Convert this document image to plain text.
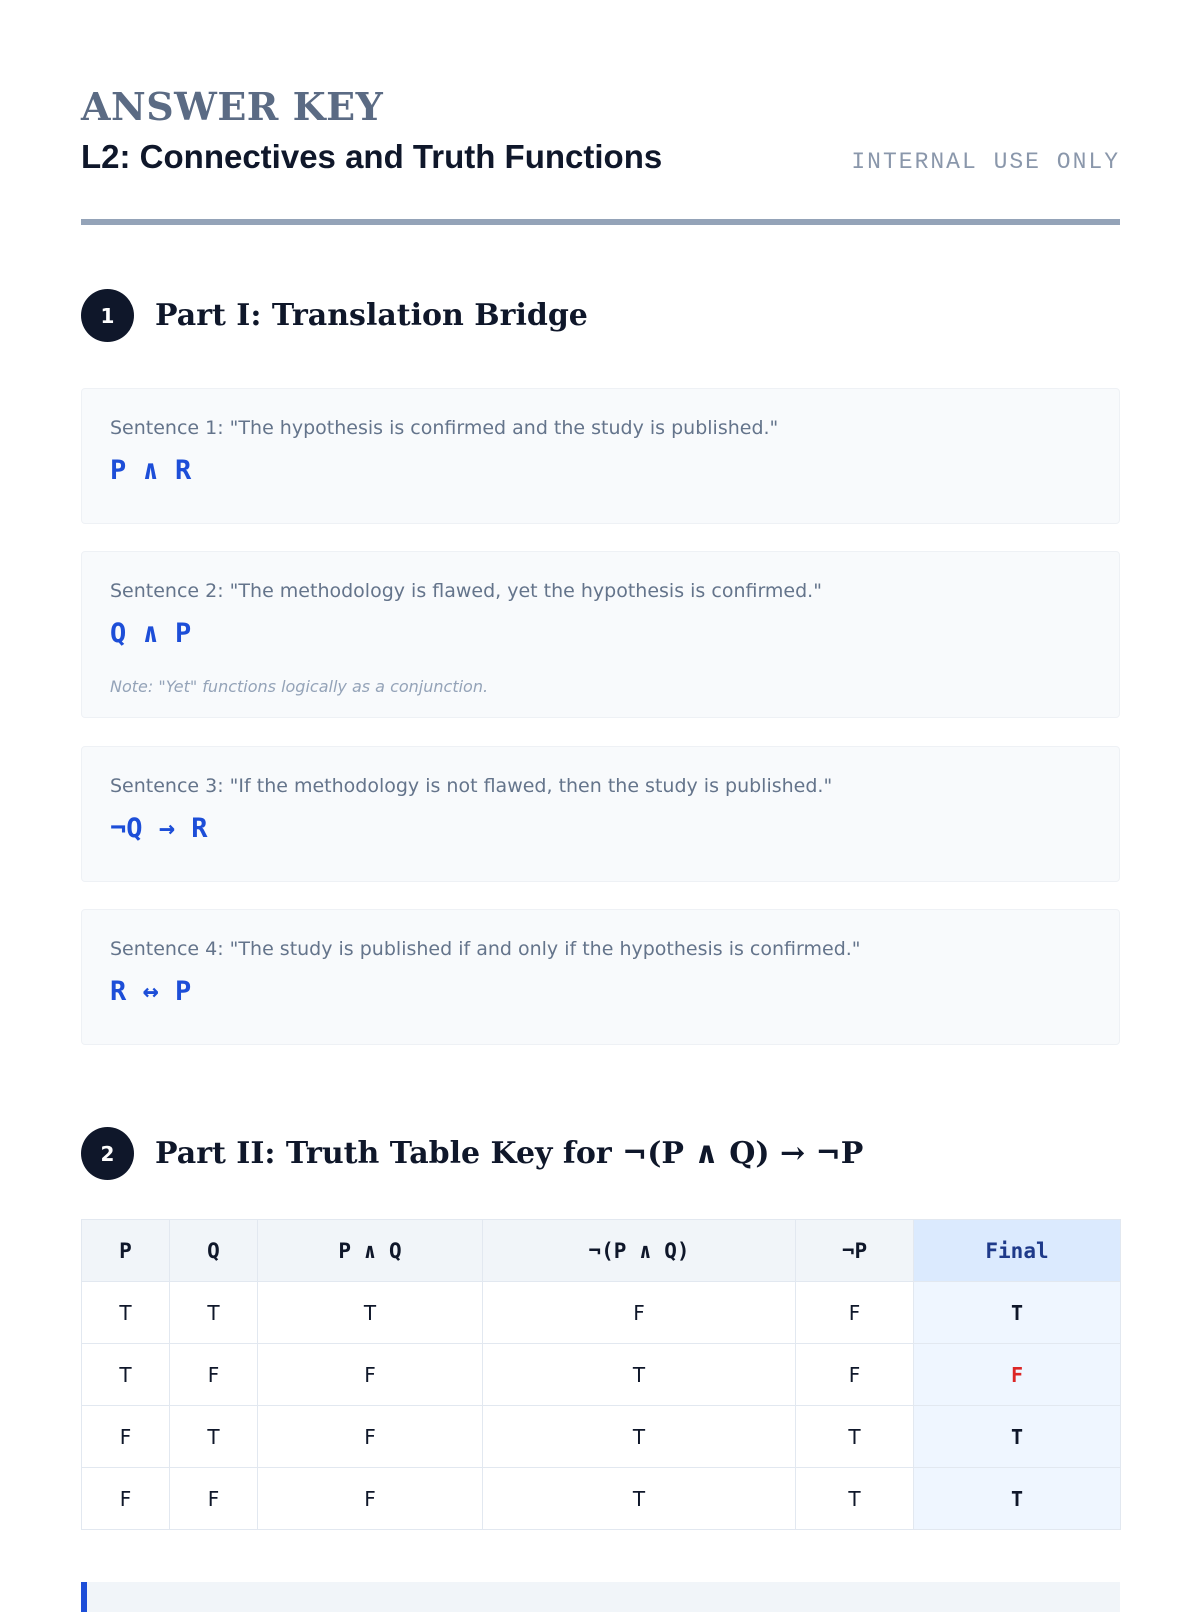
ANSWER KEY
L2: Connectives and Truth Functions	INTERNAL USE ONLY
1	Part I: Translation Bridge
Sentence 1: "The hypothesis is confirmed and the study is published."
P ∧ R
Sentence 2: "The methodology is flawed, yet the hypothesis is confirmed."
Q ∧ P
Note: "Yet" functions logically as a conjunction.
Sentence 3: "If the methodology is not flawed, then the study is published."
¬Q → R
Sentence 4: "The study is published if and only if the hypothesis is confirmed."
R ↔ P
2	Part II: Truth Table Key for ¬(P ∧ Q) → ¬P
P	Q	P ∧ Q	¬(P ∧ Q)	¬P	Final
T	T	T	F	F	T
T	F	F	T	F	F
F	T	F	T	T	T
F	F	F	T	T	T
